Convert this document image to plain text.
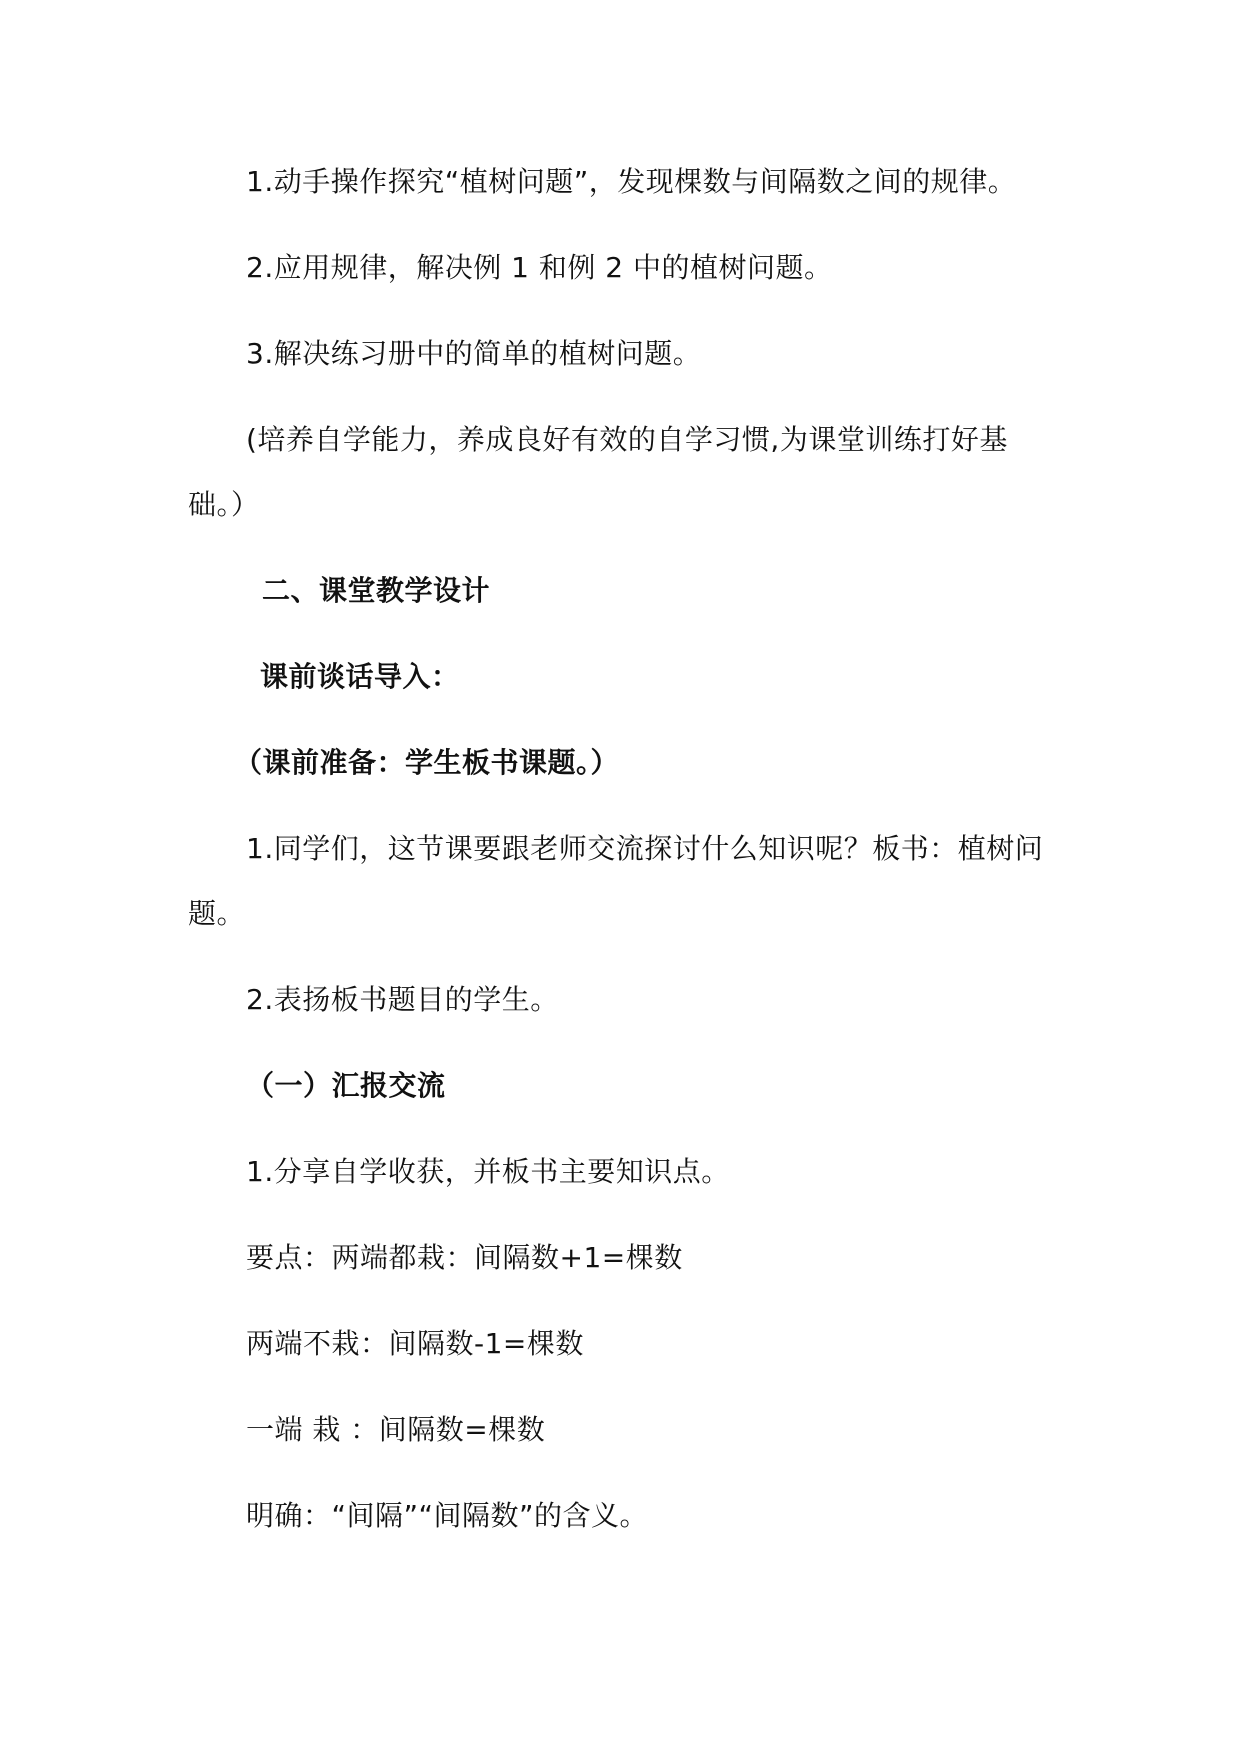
1.动手操作探究“植树问题”，发现棵数与间隔数之间的规律。

2.应用规律，解决例 1 和例 2 中的植树问题。

3.解决练习册中的简单的植树问题。

(培养自学能力，养成良好有效的自学习惯,为课堂训练打好基

础。）

二、课堂教学设计

课前谈话导入：

（课前准备：学生板书课题。）

1.同学们，这节课要跟老师交流探讨什么知识呢？板书：植树问

题。

2.表扬板书题目的学生。

（一）汇报交流

1.分享自学收获，并板书主要知识点。

要点：两端都栽：间隔数+1=棵数

两端不栽：间隔数-1=棵数

一端 栽 ：间隔数=棵数

明确：“间隔”“间隔数”的含义。
